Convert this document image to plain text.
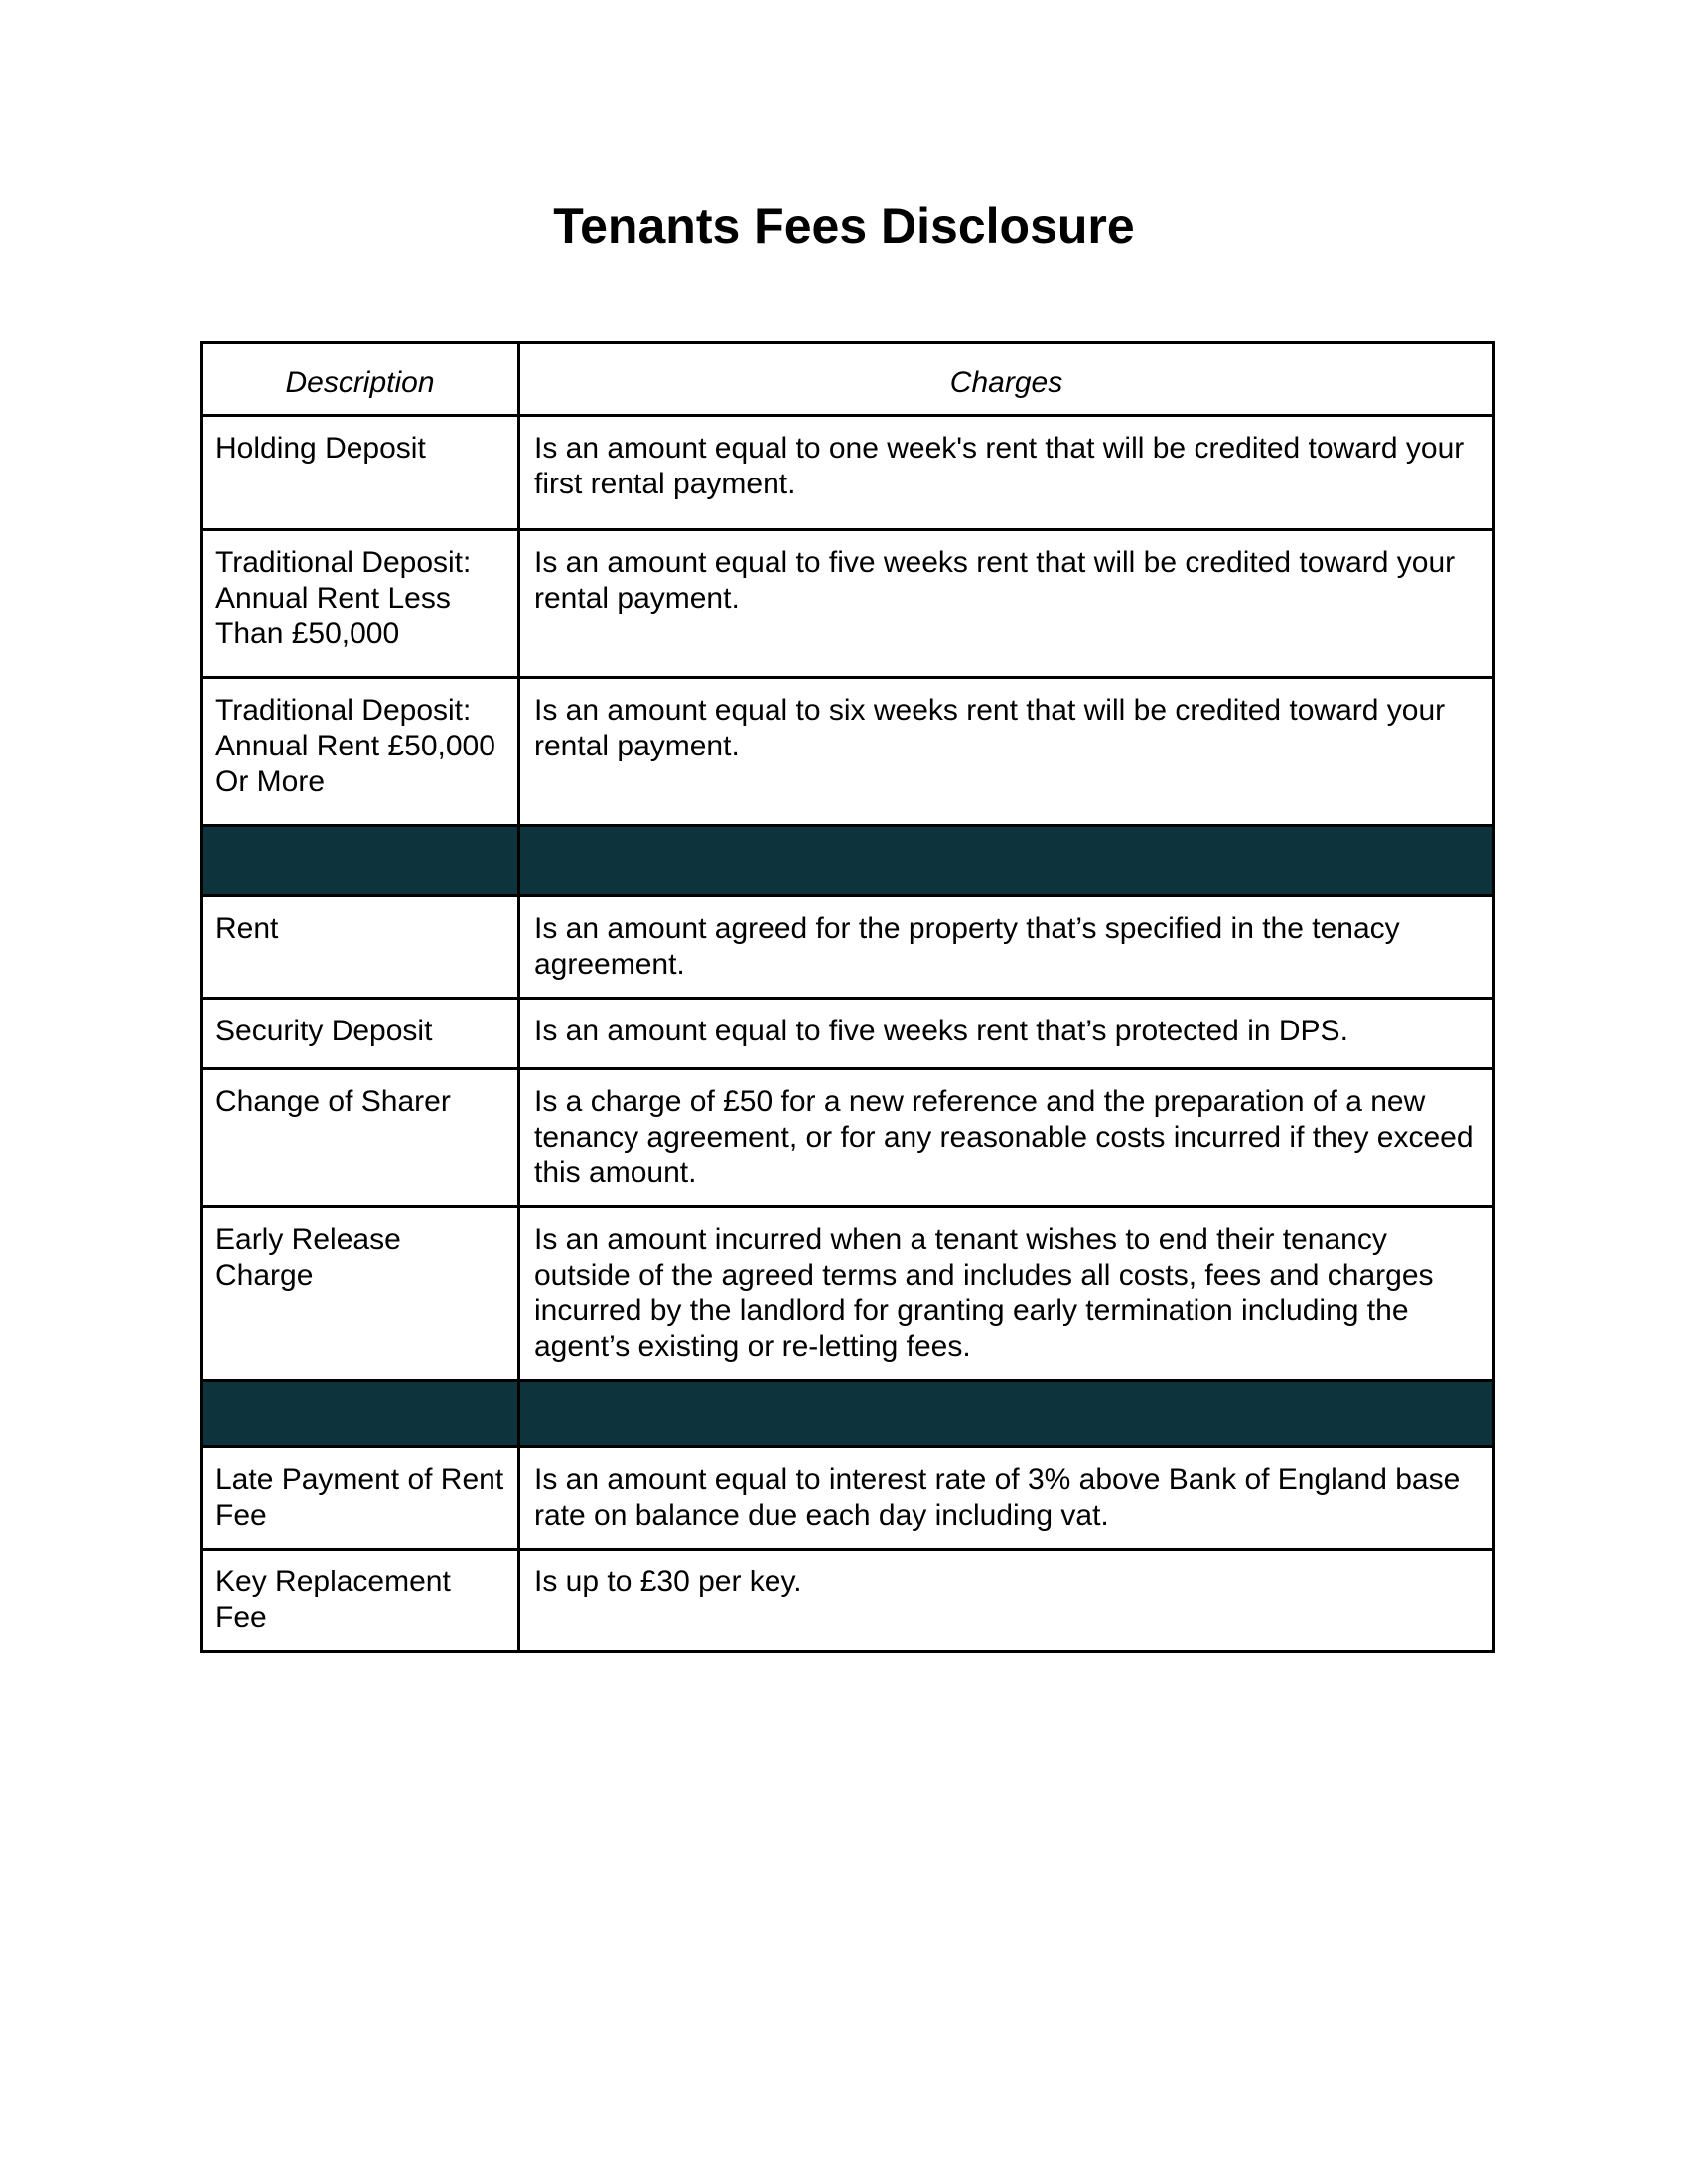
Tenants Fees Disclosure
Description	Charges
Holding Deposit	Is an amount equal to one week's rent that will be credited toward your first rental payment.
Traditional Deposit: Annual Rent Less Than £50,000	Is an amount equal to five weeks rent that will be credited toward your rental payment.
Traditional Deposit: Annual Rent £50,000 Or More	Is an amount equal to six weeks rent that will be credited toward your rental payment.

Rent	Is an amount agreed for the property that’s specified in the tenacy agreement.
Security Deposit	Is an amount equal to five weeks rent that’s protected in DPS.
Change of Sharer	Is a charge of £50 for a new reference and the preparation of a new tenancy agreement, or for any reasonable costs incurred if they exceed this amount.
Early Release Charge	Is an amount incurred when a tenant wishes to end their tenancy outside of the agreed terms and includes all costs, fees and charges incurred by the landlord for granting early termination including the agent’s existing or re-letting fees.

Late Payment of Rent Fee	Is an amount equal to interest rate of 3% above Bank of England base rate on balance due each day including vat.
Key Replacement Fee	Is up to £30 per key.
